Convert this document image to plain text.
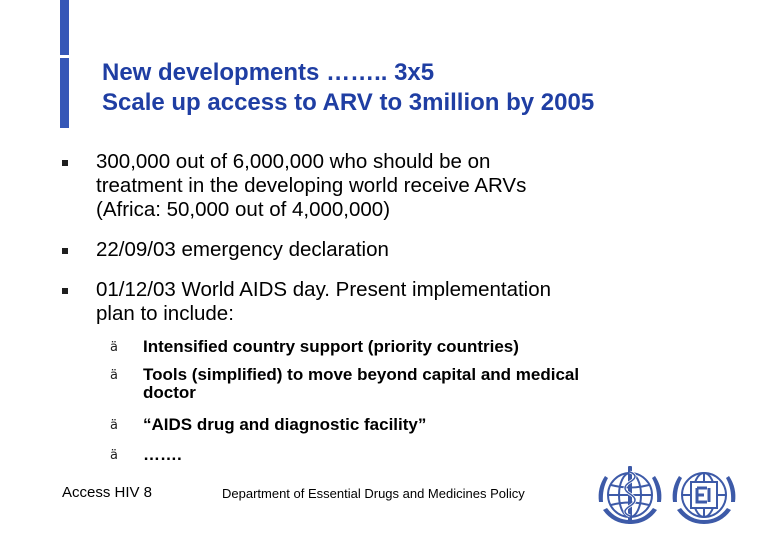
New developments …….. 3x5
Scale up access to ARV to 3million by 2005
300,000 out of 6,000,000 who should be on
treatment in the developing world receive ARVs
(Africa: 50,000 out of 4,000,000)
22/09/03 emergency declaration
01/12/03 World AIDS day. Present implementation
plan to include:
ä Intensified country support (priority countries)
ä Tools (simplified) to move beyond capital and medical
doctor
ä “AIDS drug and diagnostic facility”
ä …….
Access HIV 8	Department of Essential Drugs and Medicines Policy
